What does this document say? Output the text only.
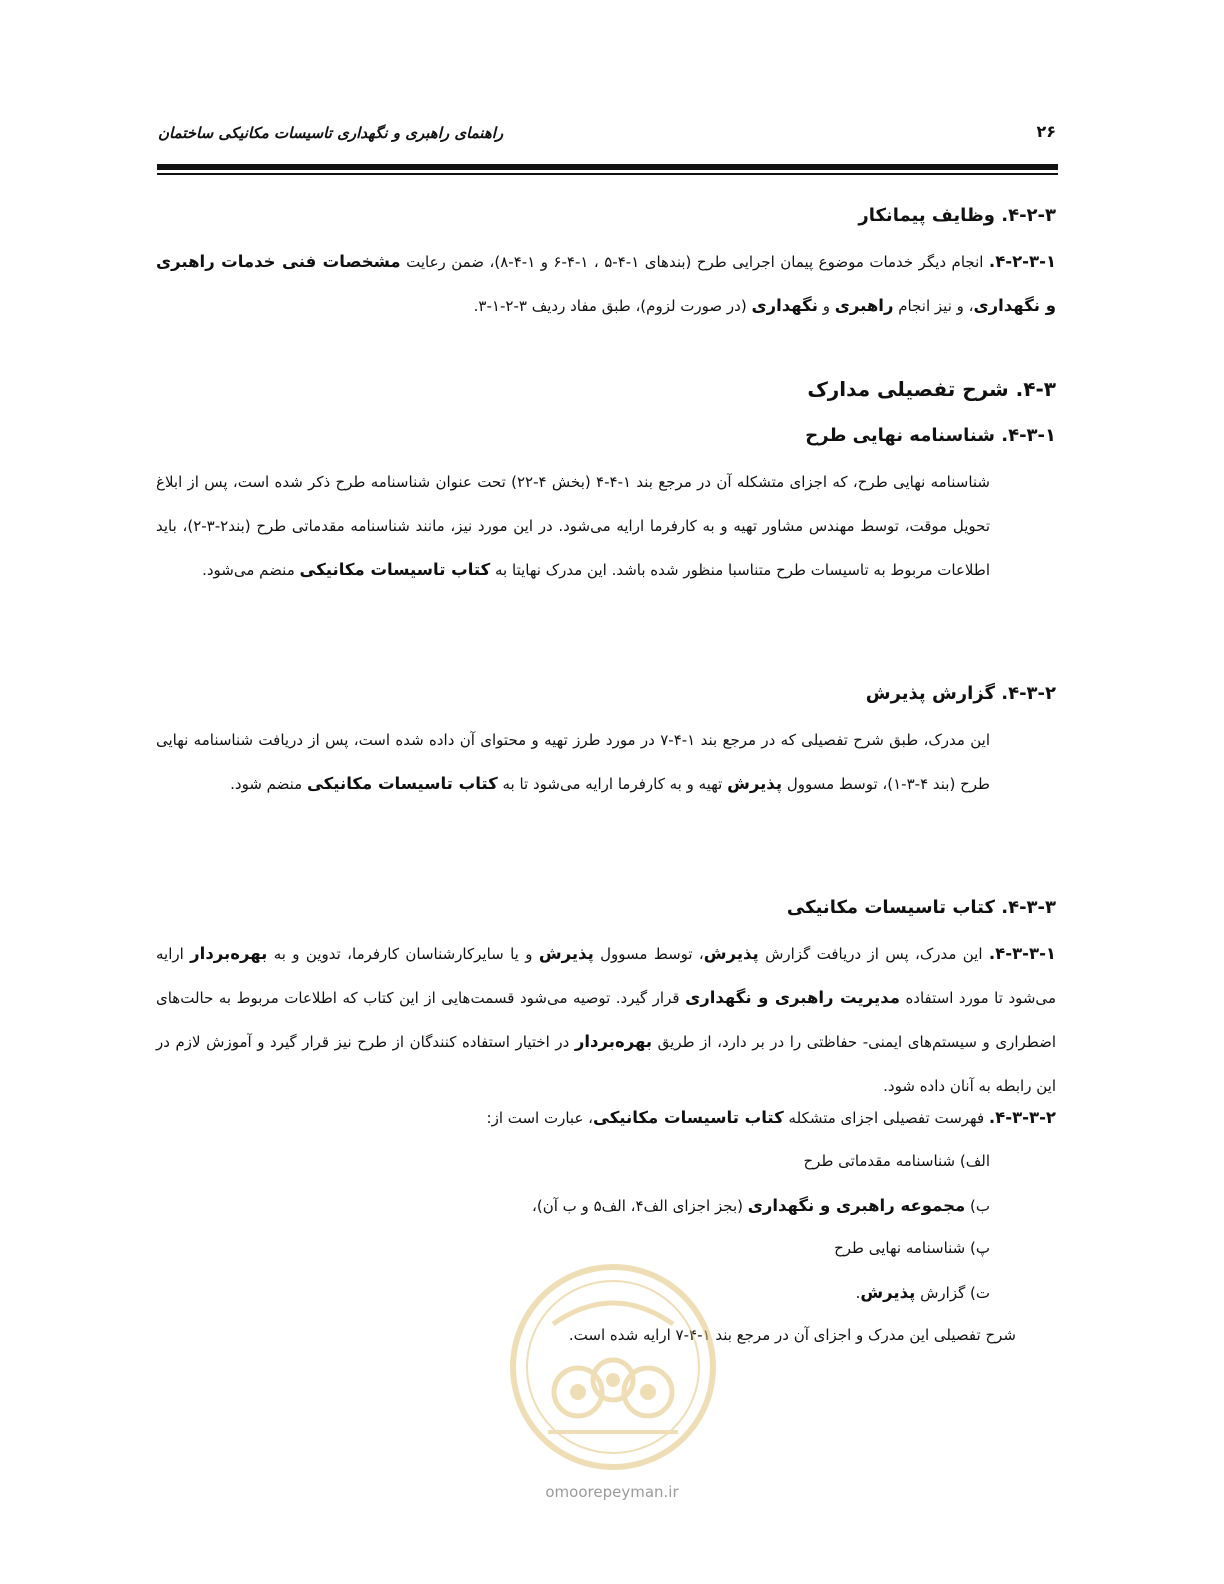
راهنمای راهبری و نگهداری تاسیسات مکانیکی ساختمان	۲۶
۴-۲-۳. وظایف پیمانکار
۴-۲-۳-۱. انجام دیگر خدمات موضوع پیمان اجرایی طرح (بندهای ۱-۴-۵ ، ۱-۴-۶ و ۱-۴-۸)، ضمن رعایت مشخصات فنی خدمات راهبری و نگهداری، و نیز انجام راهبری و نگهداری (در صورت لزوم)، طبق مفاد ردیف ۳-۲-۱-۳.
۴-۳. شرح تفصیلی مدارک
۴-۳-۱. شناسنامه نهایی طرح
شناسنامه نهایی طرح، که اجزای متشکله آن در مرجع بند ۱-۴-۴ (بخش ۴-۲۲) تحت عنوان شناسنامه طرح ذکر شده است، پس از ابلاغ تحویل موقت، توسط مهندس مشاور تهیه و به کارفرما ارایه می‌شود. در این مورد نیز، مانند شناسنامه مقدماتی طرح (بند۲-۳-۲)، باید اطلاعات مربوط به تاسیسات طرح متناسبا منظور شده باشد. این مدرک نهایتا به کتاب تاسیسات مکانیکی منضم می‌شود.
۴-۳-۲. گزارش پذیرش
این مدرک، طبق شرح تفصیلی که در مرجع بند ۱-۴-۷ در مورد طرز تهیه و محتوای آن داده شده است، پس از دریافت شناسنامه نهایی طرح (بند ۴-۳-۱)، توسط مسوول پذیرش تهیه و به کارفرما ارایه می‌شود تا به کتاب تاسیسات مکانیکی منضم شود.
۴-۳-۳. کتاب تاسیسات مکانیکی
۴-۳-۳-۱. این مدرک، پس از دریافت گزارش پذیرش، توسط مسوول پذیرش و یا سایرکارشناسان کارفرما، تدوین و به بهره‌بردار ارایه می‌شود تا مورد استفاده مدیریت راهبری و نگهداری قرار گیرد. توصیه می‌شود قسمت‌هایی از این کتاب که اطلاعات مربوط به حالت‌های اضطراری و سیستم‌های ایمنی- حفاظتی را در بر دارد، از طریق بهره‌بردار در اختیار استفاده کنندگان از طرح نیز قرار گیرد و آموزش لازم در این رابطه به آنان داده شود.
۴-۳-۳-۲. فهرست تفصیلی اجزای متشکله کتاب تاسیسات مکانیکی، عبارت است از:
الف) شناسنامه مقدماتی طرح
ب) مجموعه راهبری و نگهداری (بجز اجزای الف۴، الف۵ و ب آن)،
پ) شناسنامه نهایی طرح
ت) گزارش پذیرش.
شرح تفصیلی این مدرک و اجزای آن در مرجع بند ۱-۴-۷ ارایه شده است.
omoorepeyman.ir
